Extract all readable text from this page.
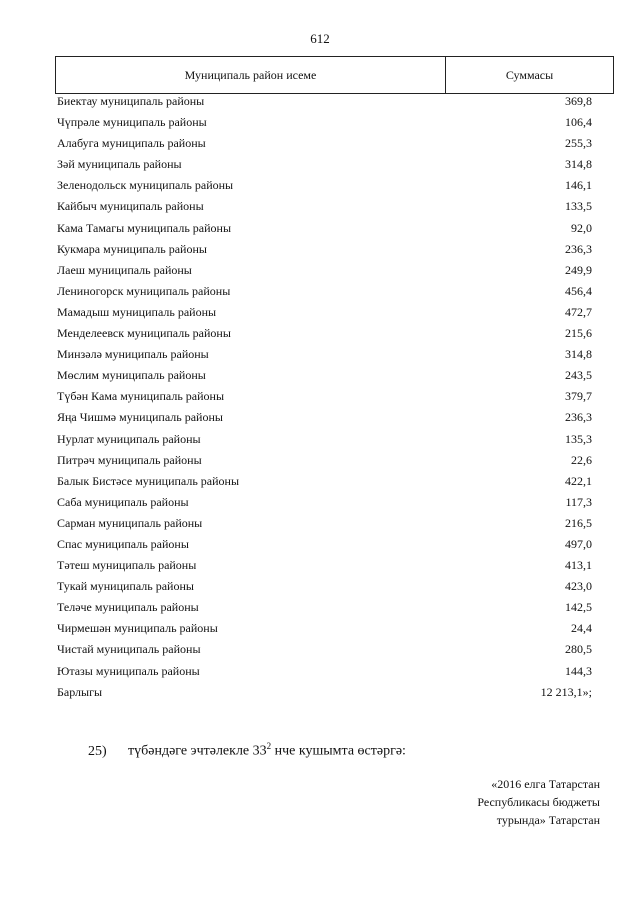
612
Муниципаль район исеме	Суммасы
Биектау муниципаль районы	369,8
Чүпрәле муниципаль районы	106,4
Алабуга муниципаль районы	255,3
Зәй муниципаль районы	314,8
Зеленодольск муниципаль районы	146,1
Кайбыч муниципаль районы	133,5
Кама Тамагы муниципаль районы	92,0
Кукмара муниципаль районы	236,3
Лаеш муниципаль районы	249,9
Лениногорск муниципаль районы	456,4
Мамадыш муниципаль районы	472,7
Менделеевск муниципаль районы	215,6
Минзәлә муниципаль районы	314,8
Мөслим муниципаль районы	243,5
Түбән Кама муниципаль районы	379,7
Яңа Чишмә муниципаль районы	236,3
Нурлат муниципаль районы	135,3
Питрәч муниципаль районы	22,6
Балык Бистәсе муниципаль районы	422,1
Саба муниципаль районы	117,3
Сарман муниципаль районы	216,5
Спас муниципаль районы	497,0
Тәтеш муниципаль районы	413,1
Тукай муниципаль районы	423,0
Теләче муниципаль районы	142,5
Чирмешән муниципаль районы	24,4
Чистай муниципаль районы	280,5
Ютазы муниципаль районы	144,3
Барлыгы	12 213,1»;
25) түбәндәге эчтәлекле $33^2$ нче кушымта өстәргә:
«2016 елга Татарстан
Республикасы бюджеты
турында» Татарстан
